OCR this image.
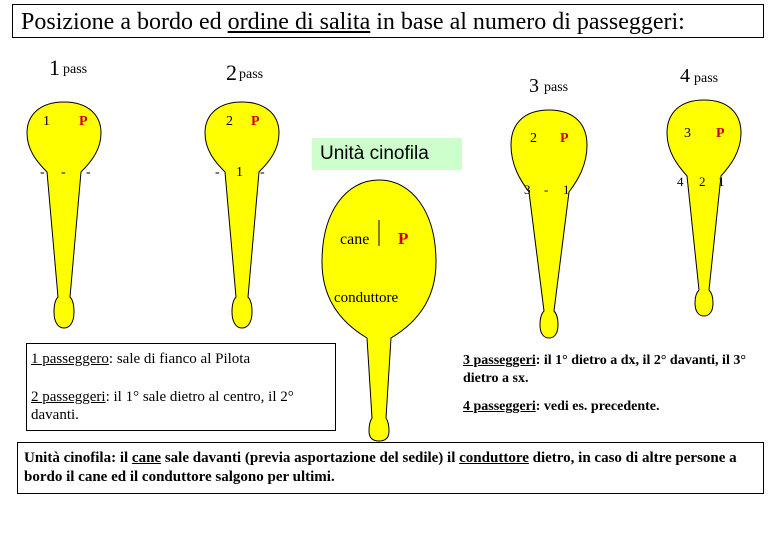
Posizione a bordo ed ordine di salita in base al numero di passeggeri:
1 pass
1 P
- - -
2 pass
2 P
- 1 -
3 pass
2 P
3 - 1
4 pass
3 P
4 2 1
cane P
conduttore
Unità cinofila

1 passeggero: sale di fianco al Pilota

2 passeggeri: il 1° sale dietro al centro, il 2° davanti.

3 passeggeri: il 1° dietro a dx, il 2° davanti, il 3° dietro a sx.

4 passeggeri: vedi es. precedente.

Unità cinofila: il cane sale davanti (previa asportazione del sedile) il conduttore dietro, in caso di altre persone a bordo il cane ed il conduttore salgono per ultimi.
